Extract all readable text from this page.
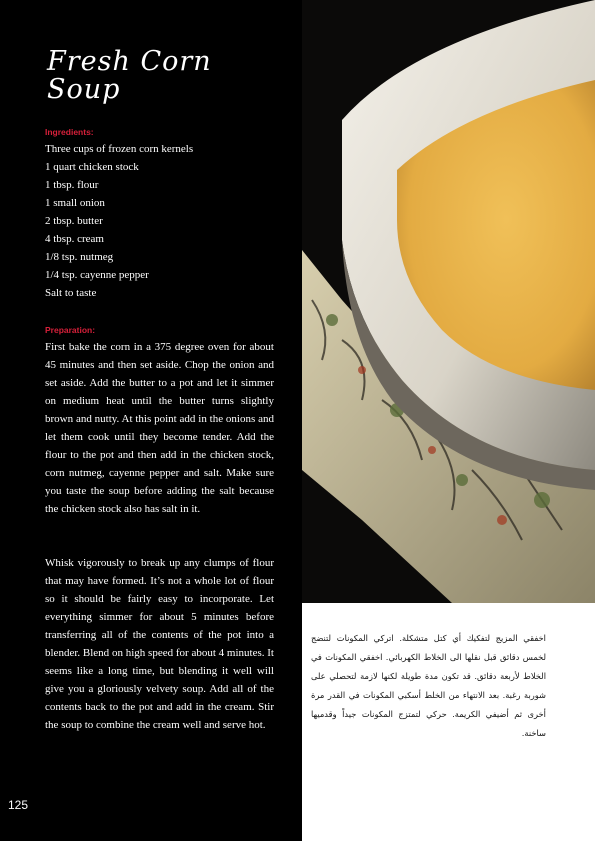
Fresh Corn
Soup

Ingredients:

Three cups of frozen corn kernels
1 quart chicken stock
1 tbsp. flour
1 small onion
2 tbsp. butter
4 tbsp. cream
1/8 tsp. nutmeg
1/4 tsp. cayenne pepper
Salt to taste

Preparation:

First bake the corn in a 375 degree oven for about 45 minutes and then set aside. Chop the onion and set aside. Add the butter to a pot and let it simmer on medium heat until the butter turns slightly brown and nutty. At this point add in the onions and let them cook until they become tender. Add the flour to the pot and then add in the chicken stock, corn nutmeg, cayenne pepper and salt. Make sure you taste the soup before adding the salt because the chicken stock also has salt in it.

Whisk vigorously to break up any clumps of flour that may have formed. It’s not a whole lot of flour so it should be fairly easy to incorporate. Let everything simmer for about 5 minutes before transferring all of the contents of the pot into a blender. Blend on high speed for about 4 minutes. It seems like a long time, but blending it well will give you a gloriously velvety soup. Add all of the contents back to the pot and add in the cream. Stir the soup to combine the cream well and serve hot.

125

اخفقي المزيج لتفكيك أي كتل متشكلة. اتركي المكونات لتنضج لخمس دقائق قبل نقلها الى الخلاط الكهربائي. اخفقي المكونات في الخلاط لأربعة دقائق. قد تكون مدة طويلة لكنها لازمة لتحصلي على شوربة رغبة. بعد الانتهاء من الخلط أسكبي المكونات في القدر مرة أخرى ثم أضيفي الكريمة. حركي لتمتزج المكونات جيداً وقدميها ساخنة.
